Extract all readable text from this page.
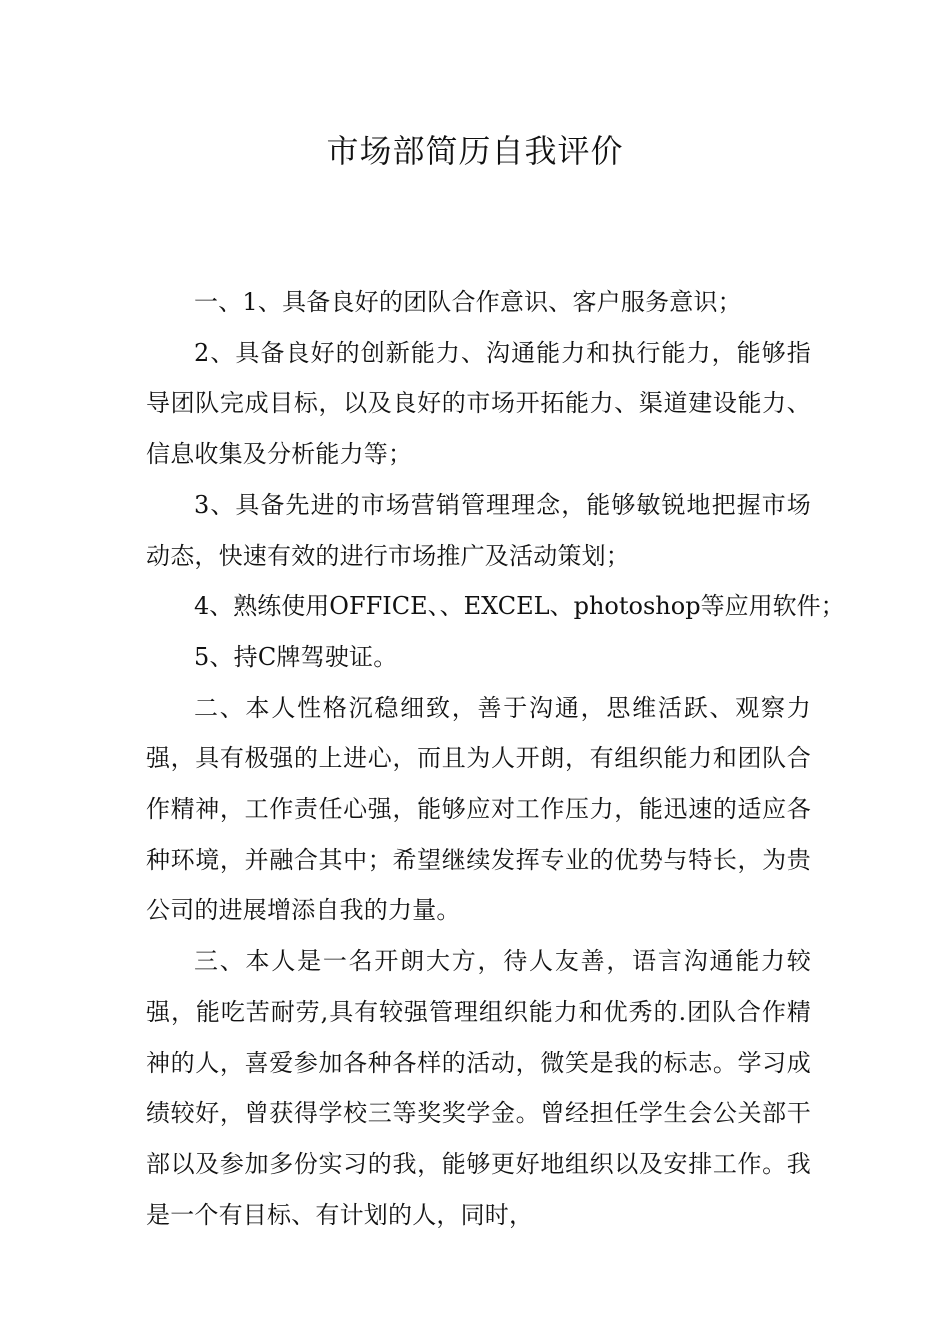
市场部简历自我评价

一、1、具备良好的团队合作意识、客户服务意识；

2、具备良好的创新能力、沟通能力和执行能力，能够指导团队完成目标，以及良好的市场开拓能力、渠道建设能力、信息收集及分析能力等；

3、具备先进的市场营销管理理念，能够敏锐地把握市场动态，快速有效的进行市场推广及活动策划；

4、熟练使用OFFICE、、EXCEL、photoshop等应用软件；

5、持C牌驾驶证。

二、本人性格沉稳细致，善于沟通，思维活跃、观察力强，具有极强的上进心，而且为人开朗，有组织能力和团队合作精神，工作责任心强，能够应对工作压力，能迅速的适应各种环境，并融合其中；希望继续发挥专业的优势与特长，为贵公司的进展增添自我的力量。

三、本人是一名开朗大方，待人友善，语言沟通能力较强，能吃苦耐劳,具有较强管理组织能力和优秀的.团队合作精神的人，喜爱参加各种各样的活动，微笑是我的标志。学习成绩较好，曾获得学校三等奖奖学金。曾经担任学生会公关部干部以及参加多份实习的我，能够更好地组织以及安排工作。我是一个有目标、有计划的人，同时，
